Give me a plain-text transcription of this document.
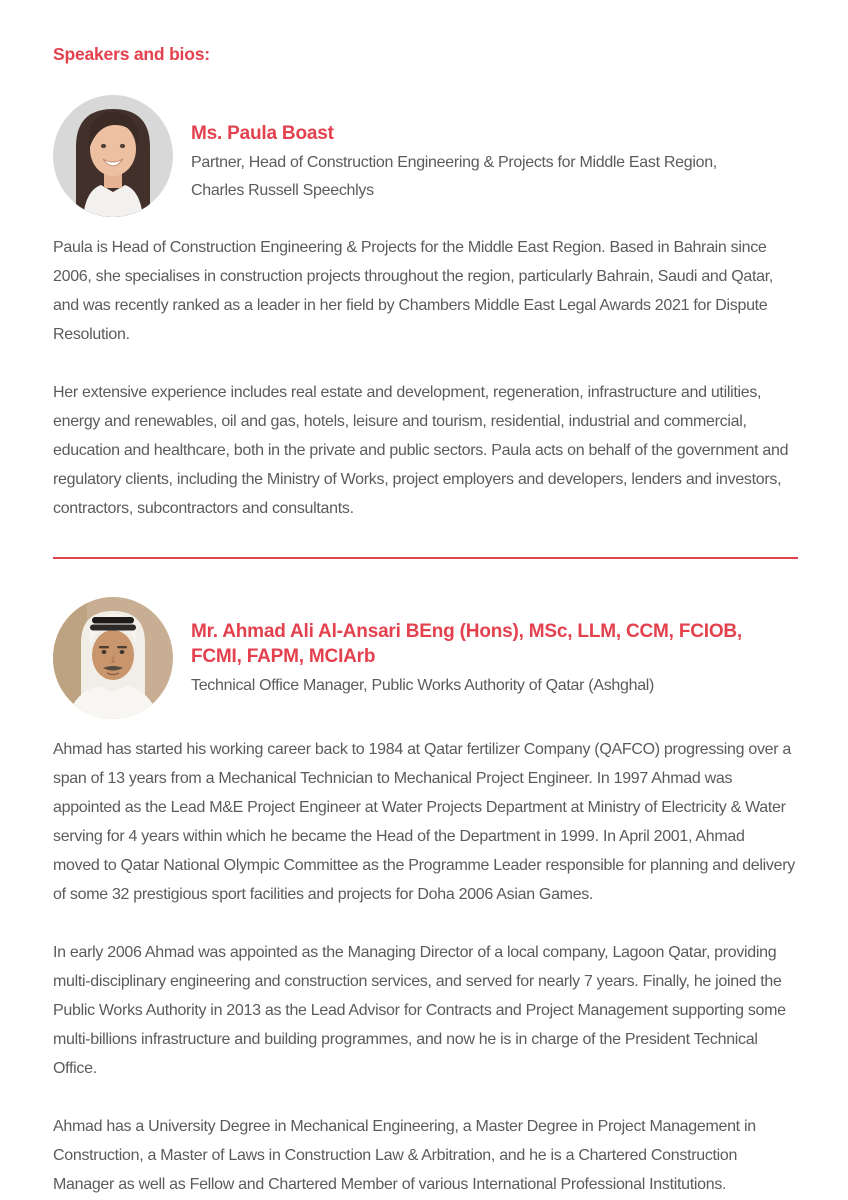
Speakers and bios:
Ms. Paula Boast

Partner, Head of Construction Engineering & Projects for Middle East Region,

Charles Russell Speechlys

Paula is Head of Construction Engineering & Projects for the Middle East Region. Based in Bahrain since 2006, she specialises in construction projects throughout the region, particularly Bahrain, Saudi and Qatar, and was recently ranked as a leader in her field by Chambers Middle East Legal Awards 2021 for Dispute Resolution.

Her extensive experience includes real estate and development, regeneration, infrastructure and utilities, energy and renewables, oil and gas, hotels, leisure and tourism, residential, industrial and commercial, education and healthcare, both in the private and public sectors. Paula acts on behalf of the government and regulatory clients, including the Ministry of Works, project employers and developers, lenders and investors, contractors, subcontractors and consultants.

Mr. Ahmad Ali Al-Ansari BEng (Hons), MSc, LLM, CCM, FCIOB, FCMI, FAPM, MCIArb

Technical Office Manager, Public Works Authority of Qatar (Ashghal)

Ahmad has started his working career back to 1984 at Qatar fertilizer Company (QAFCO) progressing over a span of 13 years from a Mechanical Technician to Mechanical Project Engineer. In 1997 Ahmad was appointed as the Lead M&E Project Engineer at Water Projects Department at Ministry of Electricity & Water serving for 4 years within which he became the Head of the Department in 1999. In April 2001, Ahmad moved to Qatar National Olympic Committee as the Programme Leader responsible for planning and delivery of some 32 prestigious sport facilities and projects for Doha 2006 Asian Games.

In early 2006 Ahmad was appointed as the Managing Director of a local company, Lagoon Qatar, providing multi-disciplinary engineering and construction services, and served for nearly 7 years. Finally, he joined the Public Works Authority in 2013 as the Lead Advisor for Contracts and Project Management supporting some multi-billions infrastructure and building programmes, and now he is in charge of the President Technical Office.

Ahmad has a University Degree in Mechanical Engineering, a Master Degree in Project Management in Construction, a Master of Laws in Construction Law & Arbitration, and he is a Chartered Construction Manager as well as Fellow and Chartered Member of various International Professional Institutions.
